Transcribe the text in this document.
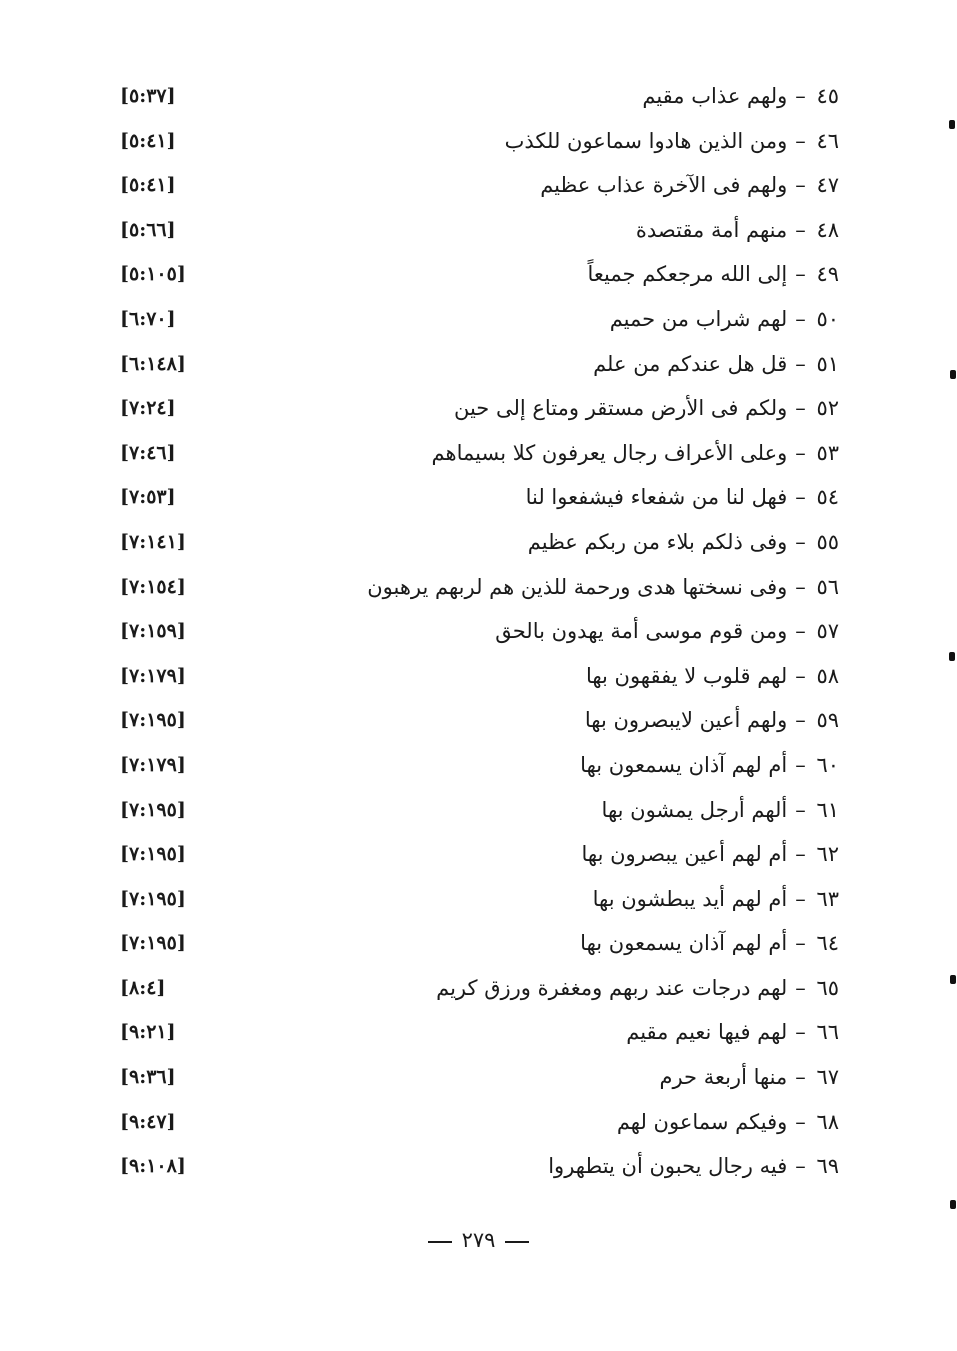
٤٥ –ولهم عذاب مقيم
[٥:٣٧]
٤٦ –ومن الذين هادوا سماعون للكذب
[٥:٤١]
٤٧ –ولهم فى الآخرة عذاب عظيم
[٥:٤١]
٤٨ –منهم أمة مقتصدة
[٥:٦٦]
٤٩ –إلى الله مرجعكم جميعاً
[٥:١٠٥]
٥٠ –لهم شراب من حميم
[٦:٧٠]
٥١ –قل هل عندكم من علم
[٦:١٤٨]
٥٢ –ولكم فى الأرض مستقر ومتاع إلى حين
[٧:٢٤]
٥٣ –وعلى الأعراف رجال يعرفون كلا بسيماهم
[٧:٤٦]
٥٤ –فهل لنا من شفعاء فيشفعوا لنا
[٧:٥٣]
٥٥ –وفى ذلكم بلاء من ربكم عظيم
[٧:١٤١]
٥٦ –وفى نسختها هدى ورحمة للذين هم لربهم يرهبون
[٧:١٥٤]
٥٧ –ومن قوم موسى أمة يهدون بالحق
[٧:١٥٩]
٥٨ –لهم قلوب لا يفقهون بها
[٧:١٧٩]
٥٩ –ولهم أعين لايبصرون بها
[٧:١٩٥]
٦٠ –أم لهم آذان يسمعون بها
[٧:١٧٩]
٦١ –ألهم أرجل يمشون بها
[٧:١٩٥]
٦٢ –أم لهم أعين يبصرون بها
[٧:١٩٥]
٦٣ –أم لهم أيد يبطشون بها
[٧:١٩٥]
٦٤ –أم لهم آذان يسمعون بها
[٧:١٩٥]
٦٥ –لهم درجات عند ربهم ومغفرة ورزق كريم
[٨:٤]
٦٦ –لهم فيها نعيم مقيم
[٩:٢١]
٦٧ –منها أربعة حرم
[٩:٣٦]
٦٨ –وفيكم سماعون لهم
[٩:٤٧]
٦٩ –فيه رجال يحبون أن يتطهروا
[٩:١٠٨]
٢٧٩
